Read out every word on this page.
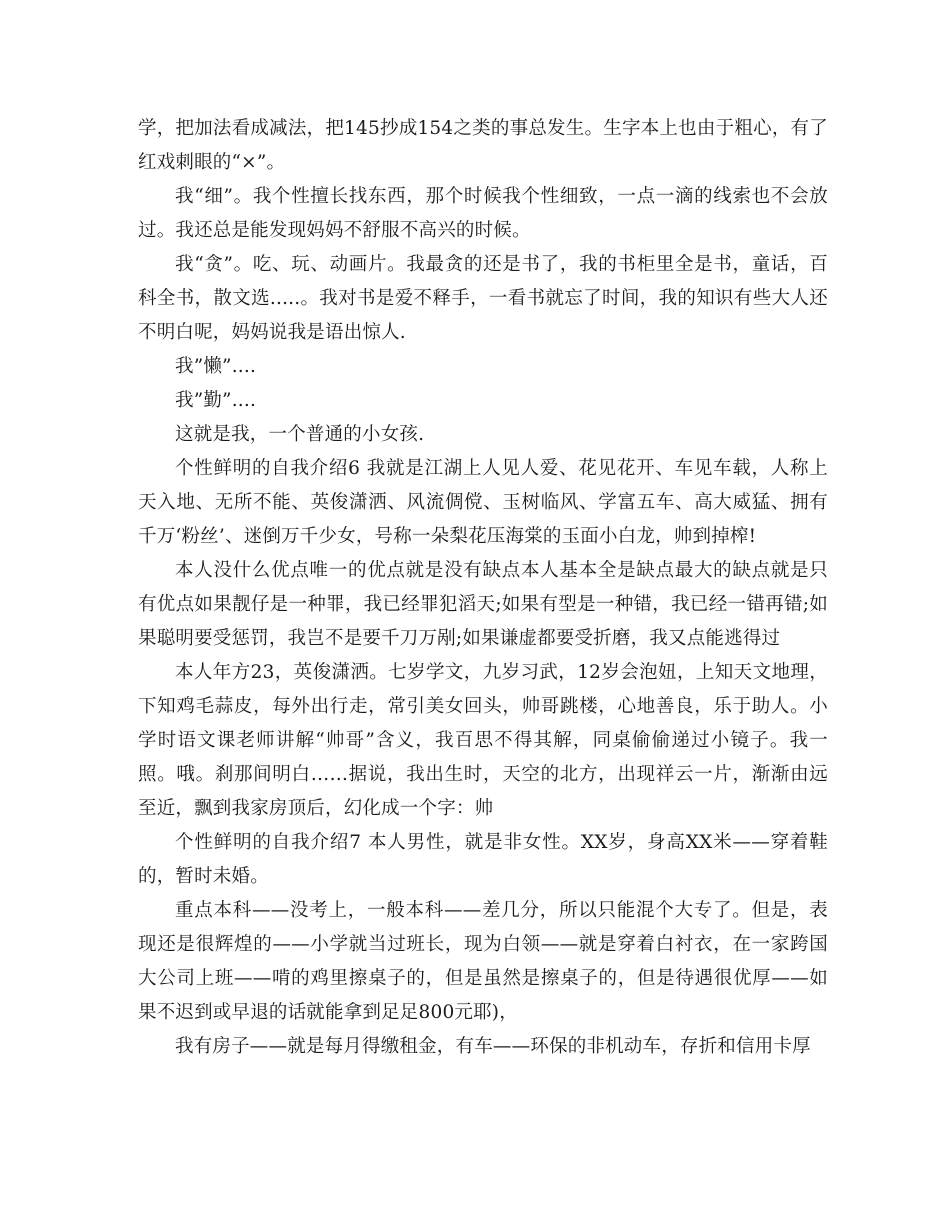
学，把加法看成减法，把145抄成154之类的事总发生。生字本上也由于粗心，有了红戏刺眼的“×”。
我“细”。我个性擅长找东西，那个时候我个性细致，一点一滴的线索也不会放过。我还总是能发现妈妈不舒服不高兴的时候。
我“贪”。吃、玩、动画片。我最贪的还是书了，我的书柜里全是书，童话，百科全书，散文选.....。我对书是爱不释手，一看书就忘了时间，我的知识有些大人还不明白呢，妈妈说我是语出惊人.
我”懒”....
我”勤”....
这就是我，一个普通的小女孩.
个性鲜明的自我介绍6 我就是江湖上人见人爱、花见花开、车见车载，人称上天入地、无所不能、英俊潇洒、风流倜傥、玉树临风、学富五车、高大威猛、拥有千万‘粉丝’、迷倒万千少女，号称一朵梨花压海棠的玉面小白龙，帅到掉榨!
本人没什么优点唯一的优点就是没有缺点本人基本全是缺点最大的缺点就是只有优点如果靓仔是一种罪，我已经罪犯滔天;如果有型是一种错，我已经一错再错;如果聪明要受惩罚，我岂不是要千刀万剐;如果谦虚都要受折磨，我又点能逃得过
本人年方23，英俊潇洒。七岁学文，九岁习武，12岁会泡妞，上知天文地理，下知鸡毛蒜皮，每外出行走，常引美女回头，帅哥跳楼，心地善良，乐于助人。小学时语文课老师讲解“帅哥”含义，我百思不得其解，同桌偷偷递过小镜子。我一照。哦。刹那间明白……据说，我出生时，天空的北方，出现祥云一片，渐渐由远至近，飘到我家房顶后，幻化成一个字：帅
个性鲜明的自我介绍7 本人男性，就是非女性。XX岁，身高XX米——穿着鞋的，暂时未婚。
重点本科——没考上，一般本科——差几分，所以只能混个大专了。但是，表现还是很辉煌的——小学就当过班长，现为白领——就是穿着白衬衣，在一家跨国大公司上班——啃的鸡里擦桌子的，但是虽然是擦桌子的，但是待遇很优厚——如果不迟到或早退的话就能拿到足足800元耶)，
我有房子——就是每月得缴租金，有车——环保的非机动车，存折和信用卡厚
